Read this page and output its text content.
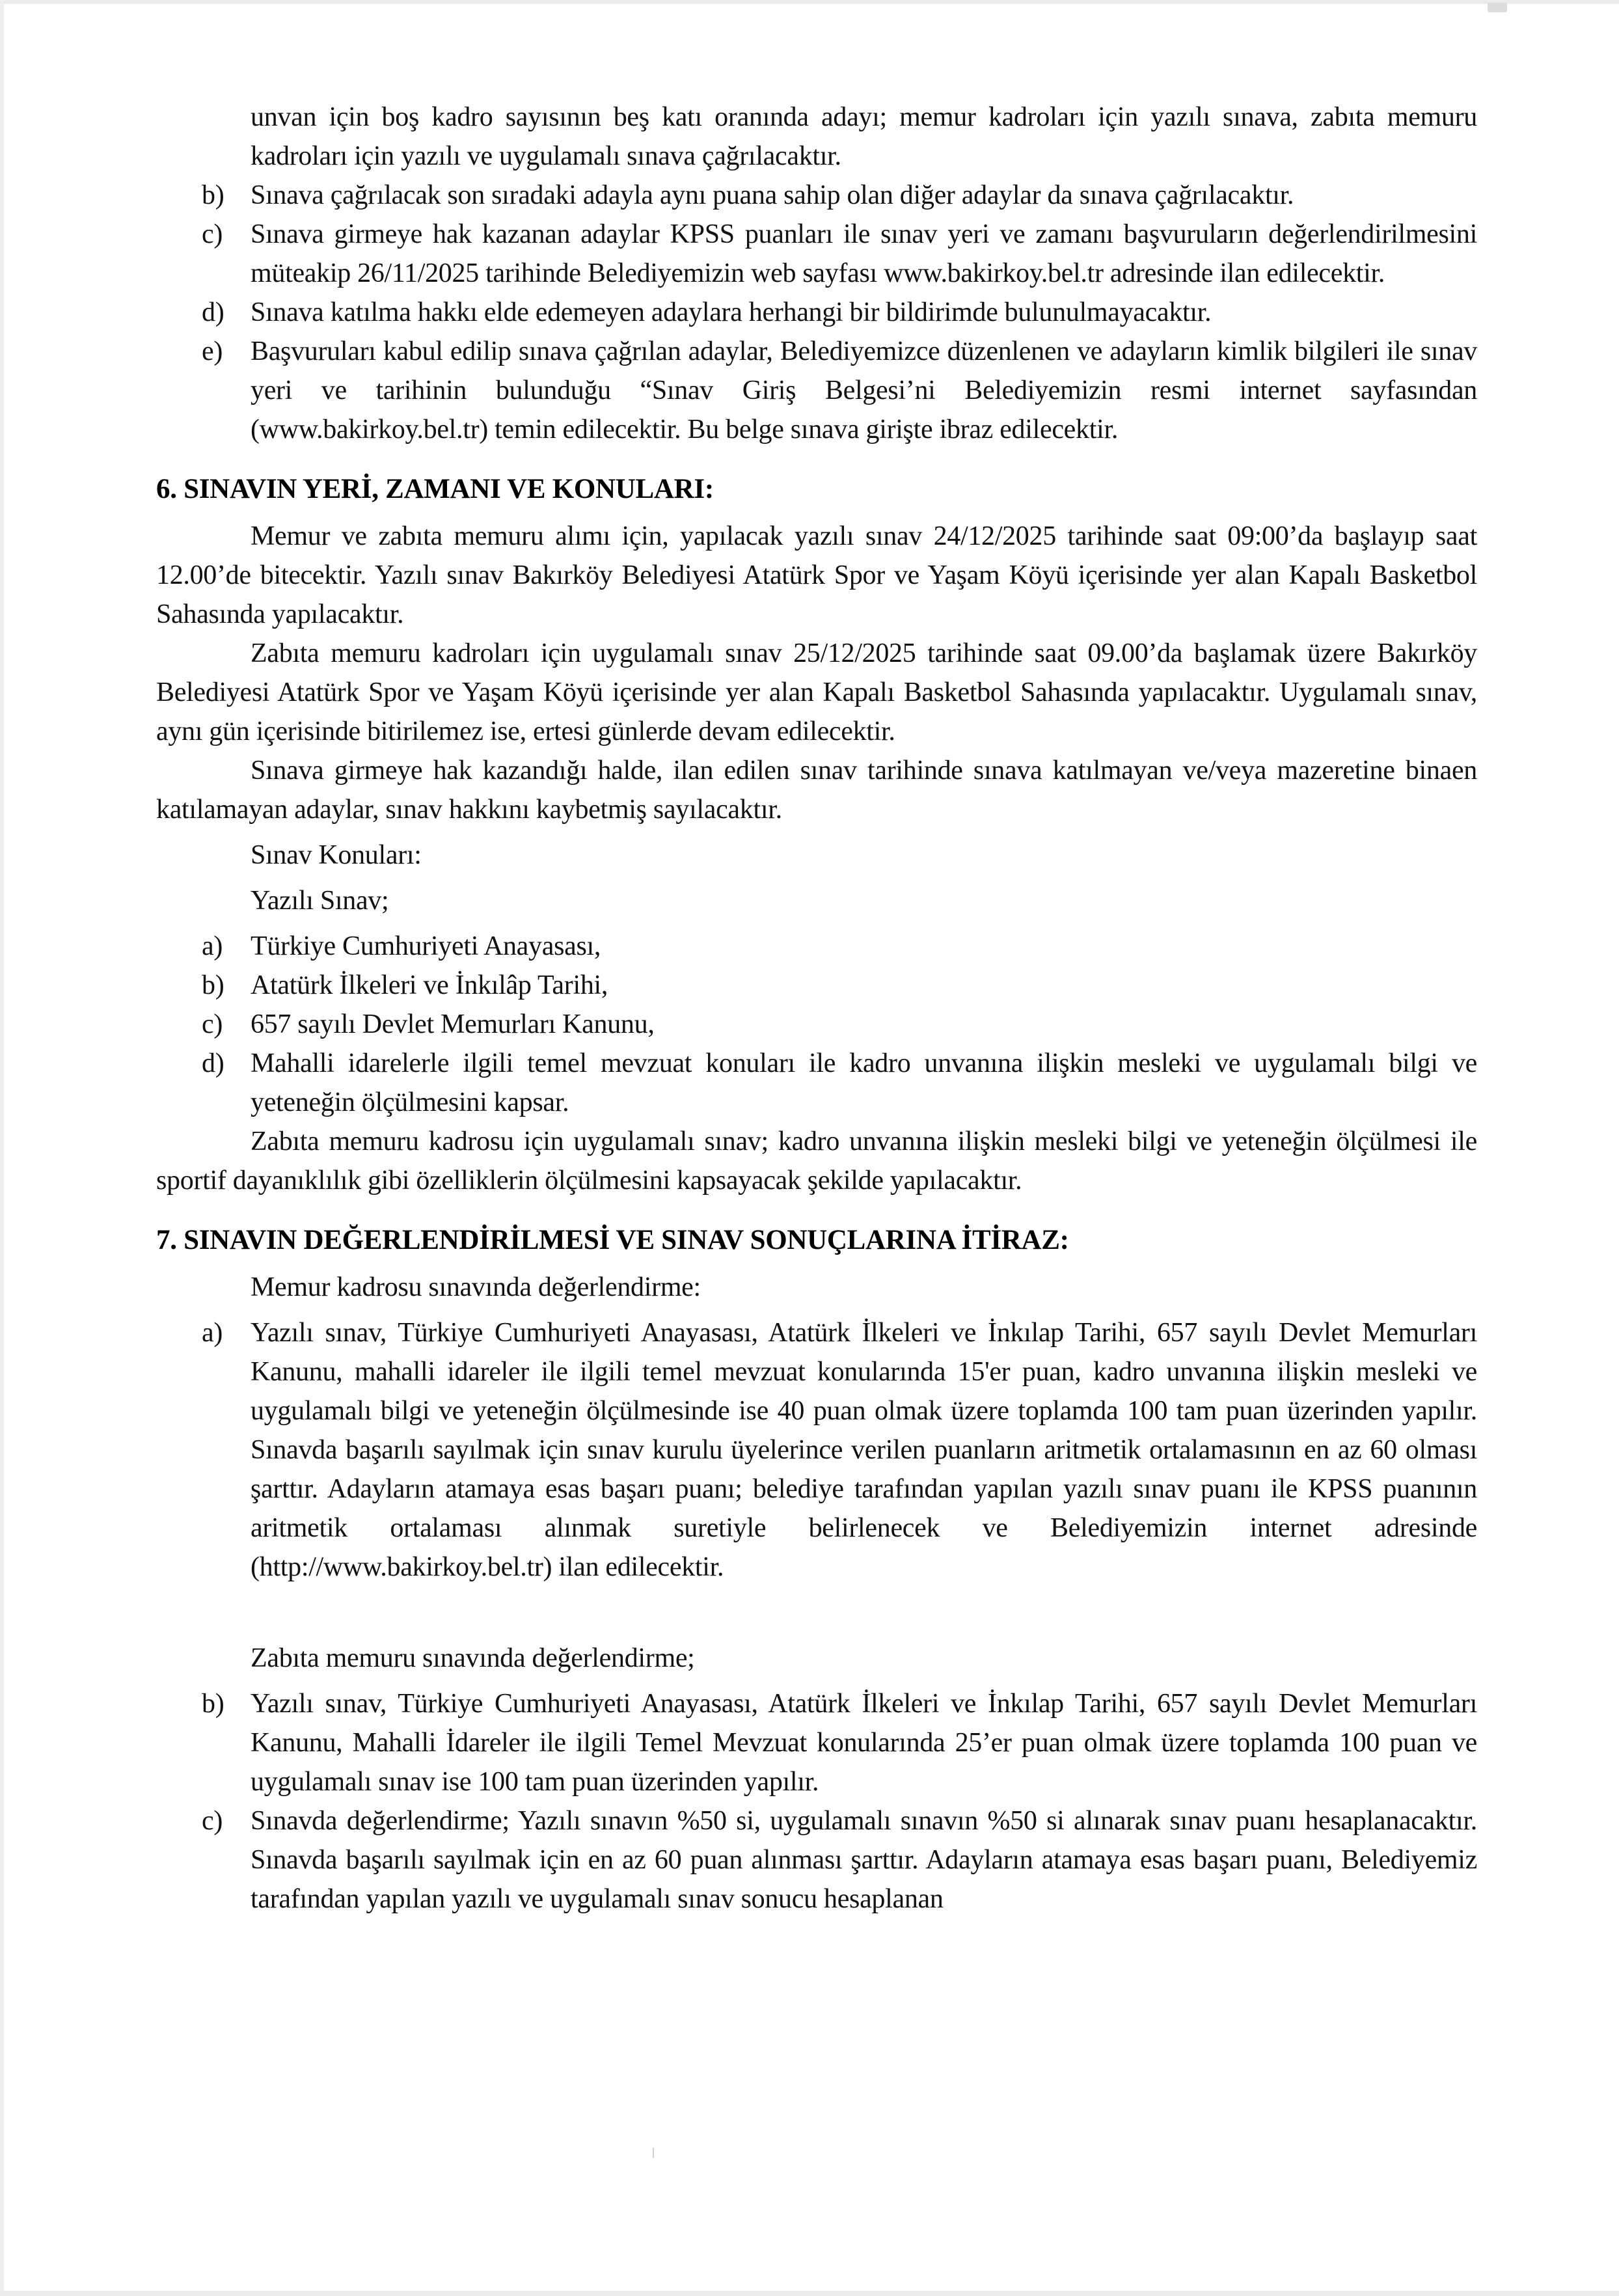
unvan için boş kadro sayısının beş katı oranında adayı; memur kadroları için yazılı sınava, zabıta memuru kadroları için yazılı ve uygulamalı sınava çağrılacaktır.
b) Sınava çağrılacak son sıradaki adayla aynı puana sahip olan diğer adaylar da sınava çağrılacaktır.
c) Sınava girmeye hak kazanan adaylar KPSS puanları ile sınav yeri ve zamanı başvuruların değerlendirilmesini müteakip 26/11/2025 tarihinde Belediyemizin web sayfası www.bakirkoy.bel.tr adresinde ilan edilecektir.
d) Sınava katılma hakkı elde edemeyen adaylara herhangi bir bildirimde bulunulmayacaktır.
e) Başvuruları kabul edilip sınava çağrılan adaylar, Belediyemizce düzenlenen ve adayların kimlik bilgileri ile sınav yeri ve tarihinin bulunduğu “Sınav Giriş Belgesi’ni Belediyemizin resmi internet sayfasından (www.bakirkoy.bel.tr) temin edilecektir. Bu belge sınava girişte ibraz edilecektir.
6. SINAVIN YERİ, ZAMANI VE KONULARI:
Memur ve zabıta memuru alımı için, yapılacak yazılı sınav 24/12/2025 tarihinde saat 09:00’da başlayıp saat 12.00’de bitecektir. Yazılı sınav Bakırköy Belediyesi Atatürk Spor ve Yaşam Köyü içerisinde yer alan Kapalı Basketbol Sahasında yapılacaktır.
Zabıta memuru kadroları için uygulamalı sınav 25/12/2025 tarihinde saat 09.00’da başlamak üzere Bakırköy Belediyesi Atatürk Spor ve Yaşam Köyü içerisinde yer alan Kapalı Basketbol Sahasında yapılacaktır. Uygulamalı sınav, aynı gün içerisinde bitirilemez ise, ertesi günlerde devam edilecektir.
Sınava girmeye hak kazandığı halde, ilan edilen sınav tarihinde sınava katılmayan ve/veya mazeretine binaen katılamayan adaylar, sınav hakkını kaybetmiş sayılacaktır.
Sınav Konuları:
Yazılı Sınav;
a) Türkiye Cumhuriyeti Anayasası,
b) Atatürk İlkeleri ve İnkılâp Tarihi,
c) 657 sayılı Devlet Memurları Kanunu,
d) Mahalli idarelerle ilgili temel mevzuat konuları ile kadro unvanına ilişkin mesleki ve uygulamalı bilgi ve yeteneğin ölçülmesini kapsar.
Zabıta memuru kadrosu için uygulamalı sınav; kadro unvanına ilişkin mesleki bilgi ve yeteneğin ölçülmesi ile sportif dayanıklılık gibi özelliklerin ölçülmesini kapsayacak şekilde yapılacaktır.
7. SINAVIN DEĞERLENDİRİLMESİ VE SINAV SONUÇLARINA İTİRAZ:
Memur kadrosu sınavında değerlendirme:
a) Yazılı sınav, Türkiye Cumhuriyeti Anayasası, Atatürk İlkeleri ve İnkılap Tarihi, 657 sayılı Devlet Memurları Kanunu, mahalli idareler ile ilgili temel mevzuat konularında 15'er puan, kadro unvanına ilişkin mesleki ve uygulamalı bilgi ve yeteneğin ölçülmesinde ise 40 puan olmak üzere toplamda 100 tam puan üzerinden yapılır. Sınavda başarılı sayılmak için sınav kurulu üyelerince verilen puanların aritmetik ortalamasının en az 60 olması şarttır. Adayların atamaya esas başarı puanı; belediye tarafından yapılan yazılı sınav puanı ile KPSS puanının aritmetik ortalaması alınmak suretiyle belirlenecek ve Belediyemizin internet adresinde (http://www.bakirkoy.bel.tr) ilan edilecektir.
Zabıta memuru sınavında değerlendirme;
b) Yazılı sınav, Türkiye Cumhuriyeti Anayasası, Atatürk İlkeleri ve İnkılap Tarihi, 657 sayılı Devlet Memurları Kanunu, Mahalli İdareler ile ilgili Temel Mevzuat konularında 25’er puan olmak üzere toplamda 100 puan ve uygulamalı sınav ise 100 tam puan üzerinden yapılır.
c) Sınavda değerlendirme; Yazılı sınavın %50 si, uygulamalı sınavın %50 si alınarak sınav puanı hesaplanacaktır. Sınavda başarılı sayılmak için en az 60 puan alınması şarttır. Adayların atamaya esas başarı puanı, Belediyemiz tarafından yapılan yazılı ve uygulamalı sınav sonucu hesaplanan
